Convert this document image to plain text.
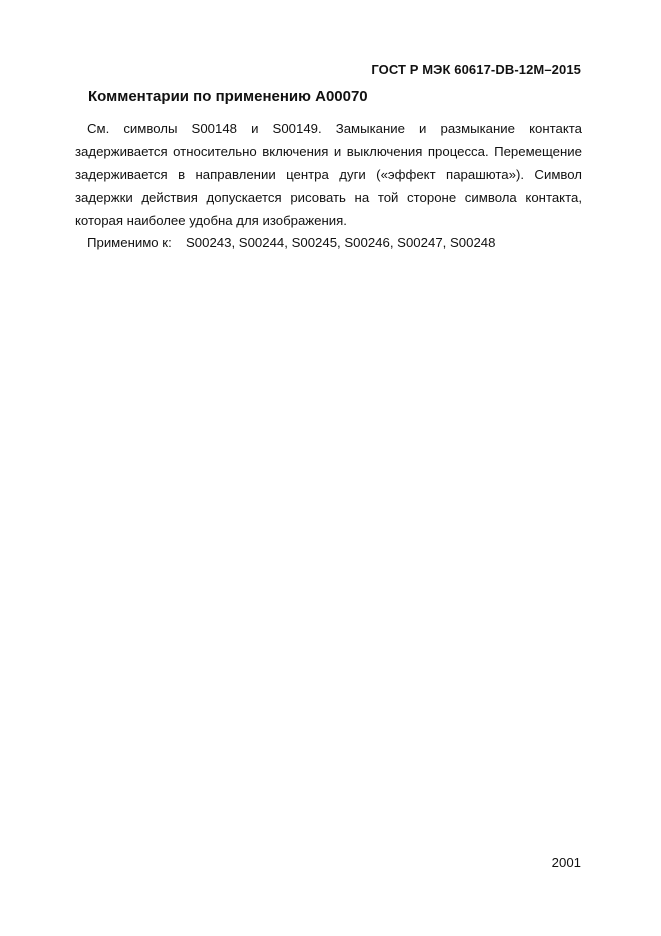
ГОСТ Р МЭК 60617-DB-12M–2015
Комментарии по применению A00070

См. символы S00148 и S00149. Замыкание и размыкание контакта задерживается относительно включения и выключения процесса. Перемещение задерживается в направлении центра дуги («эффект парашюта»). Символ задержки действия допускается рисовать на той стороне символа контакта, которая наиболее удобна для изображения.

Применимо к: S00243, S00244, S00245, S00246, S00247, S00248
2001
